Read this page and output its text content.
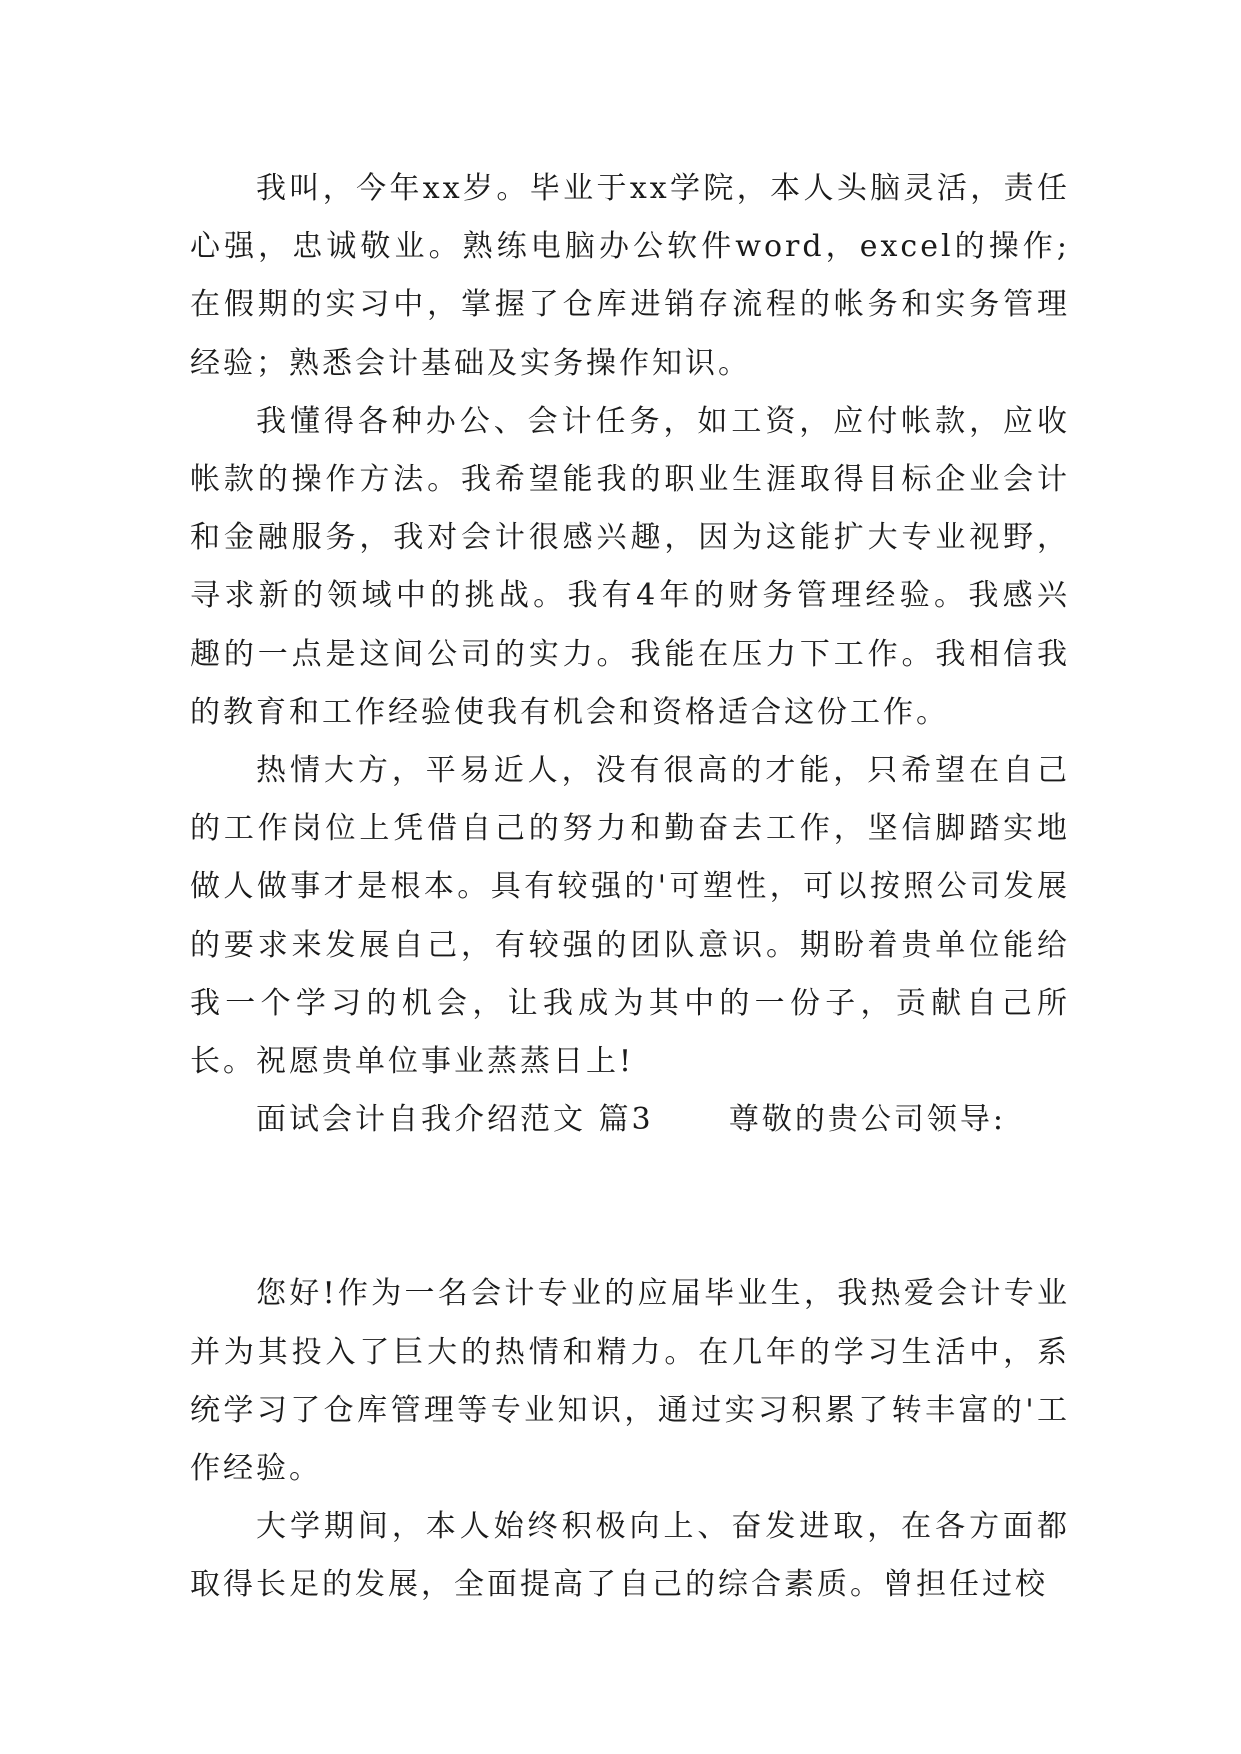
我叫，今年xx岁。毕业于xx学院，本人头脑灵活，责任心强，忠诚敬业。熟练电脑办公软件word，excel的操作;在假期的实习中，掌握了仓库进销存流程的帐务和实务管理经验；熟悉会计基础及实务操作知识。

我懂得各种办公、会计任务，如工资，应付帐款，应收帐款的操作方法。我希望能我的职业生涯取得目标企业会计和金融服务，我对会计很感兴趣，因为这能扩大专业视野，寻求新的领域中的挑战。我有4年的财务管理经验。我感兴趣的一点是这间公司的实力。我能在压力下工作。我相信我的教育和工作经验使我有机会和资格适合这份工作。

热情大方，平易近人，没有很高的才能，只希望在自己的工作岗位上凭借自己的努力和勤奋去工作，坚信脚踏实地做人做事才是根本。具有较强的'可塑性，可以按照公司发展的要求来发展自己，有较强的团队意识。期盼着贵单位能给我一个学习的机会，让我成为其中的一份子，贡献自己所长。祝愿贵单位事业蒸蒸日上!

面试会计自我介绍范文 篇3	尊敬的贵公司领导:

您好!作为一名会计专业的应届毕业生，我热爱会计专业并为其投入了巨大的热情和精力。在几年的学习生活中，系统学习了仓库管理等专业知识，通过实习积累了转丰富的'工作经验。

大学期间，本人始终积极向上、奋发进取，在各方面都取得长足的发展，全面提高了自己的综合素质。曾担任过校
